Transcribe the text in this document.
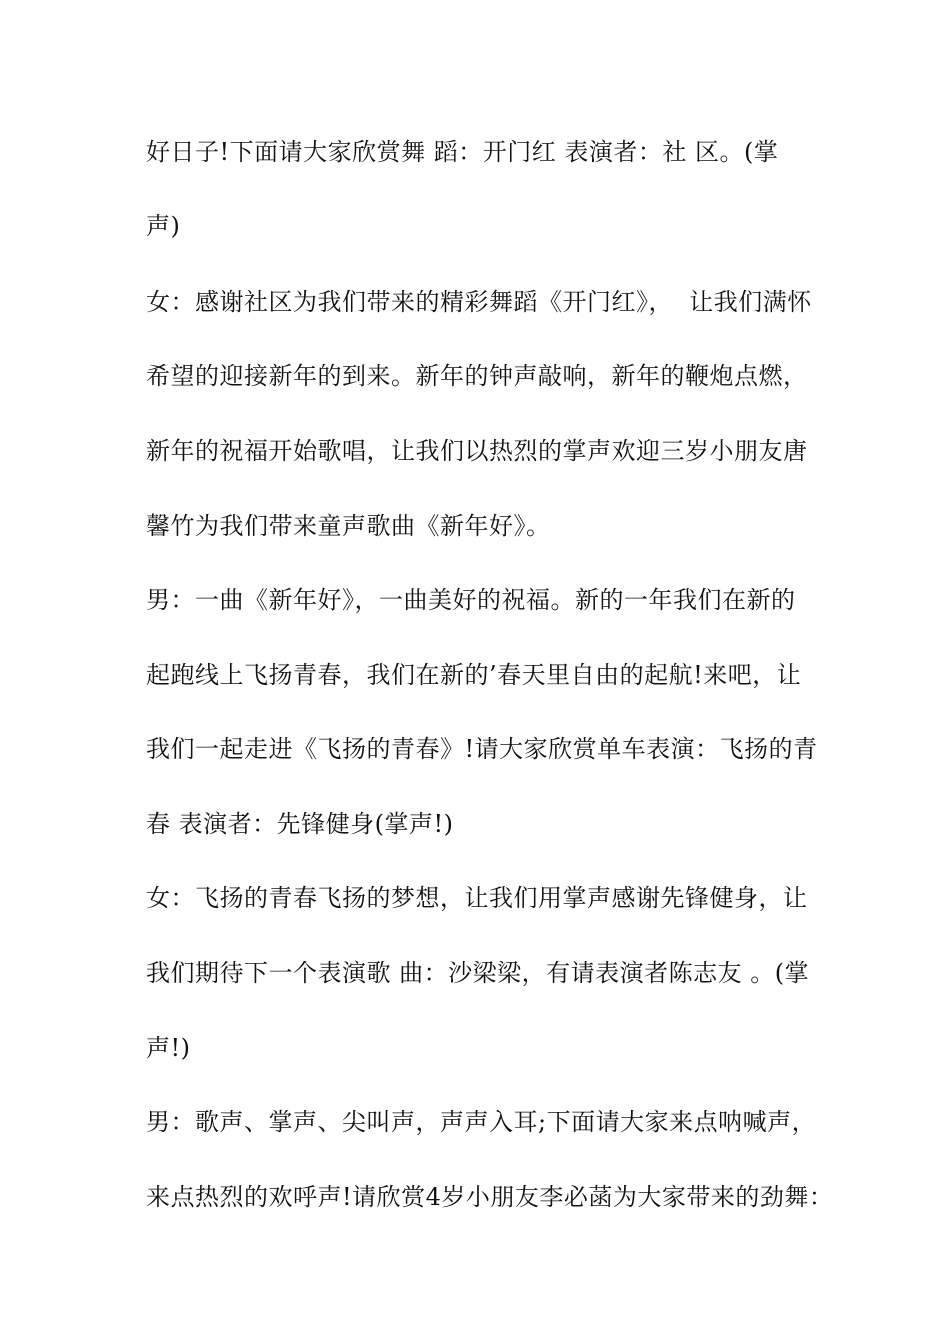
好日子!下面请大家欣赏舞 蹈：开门红 表演者：社 区。(掌
声)
女：感谢社区为我们带来的精彩舞蹈《开门红》，  让我们满怀
希望的迎接新年的到来。新年的钟声敲响，新年的鞭炮点燃，
新年的祝福开始歌唱，让我们以热烈的掌声欢迎三岁小朋友唐
馨竹为我们带来童声歌曲《新年好》。
男：一曲《新年好》，一曲美好的祝福。新的一年我们在新的
起跑线上飞扬青春，我们在新的’春天里自由的起航!来吧，让
我们一起走进《飞扬的青春》!请大家欣赏单车表演：飞扬的青
春 表演者：先锋健身(掌声!)
女：飞扬的青春飞扬的梦想，让我们用掌声感谢先锋健身，让
我们期待下一个表演歌 曲：沙梁梁，有请表演者陈志友 。(掌
声!)
男：歌声、掌声、尖叫声，声声入耳;下面请大家来点呐喊声，
来点热烈的欢呼声!请欣赏4岁小朋友李必菡为大家带来的劲舞：
